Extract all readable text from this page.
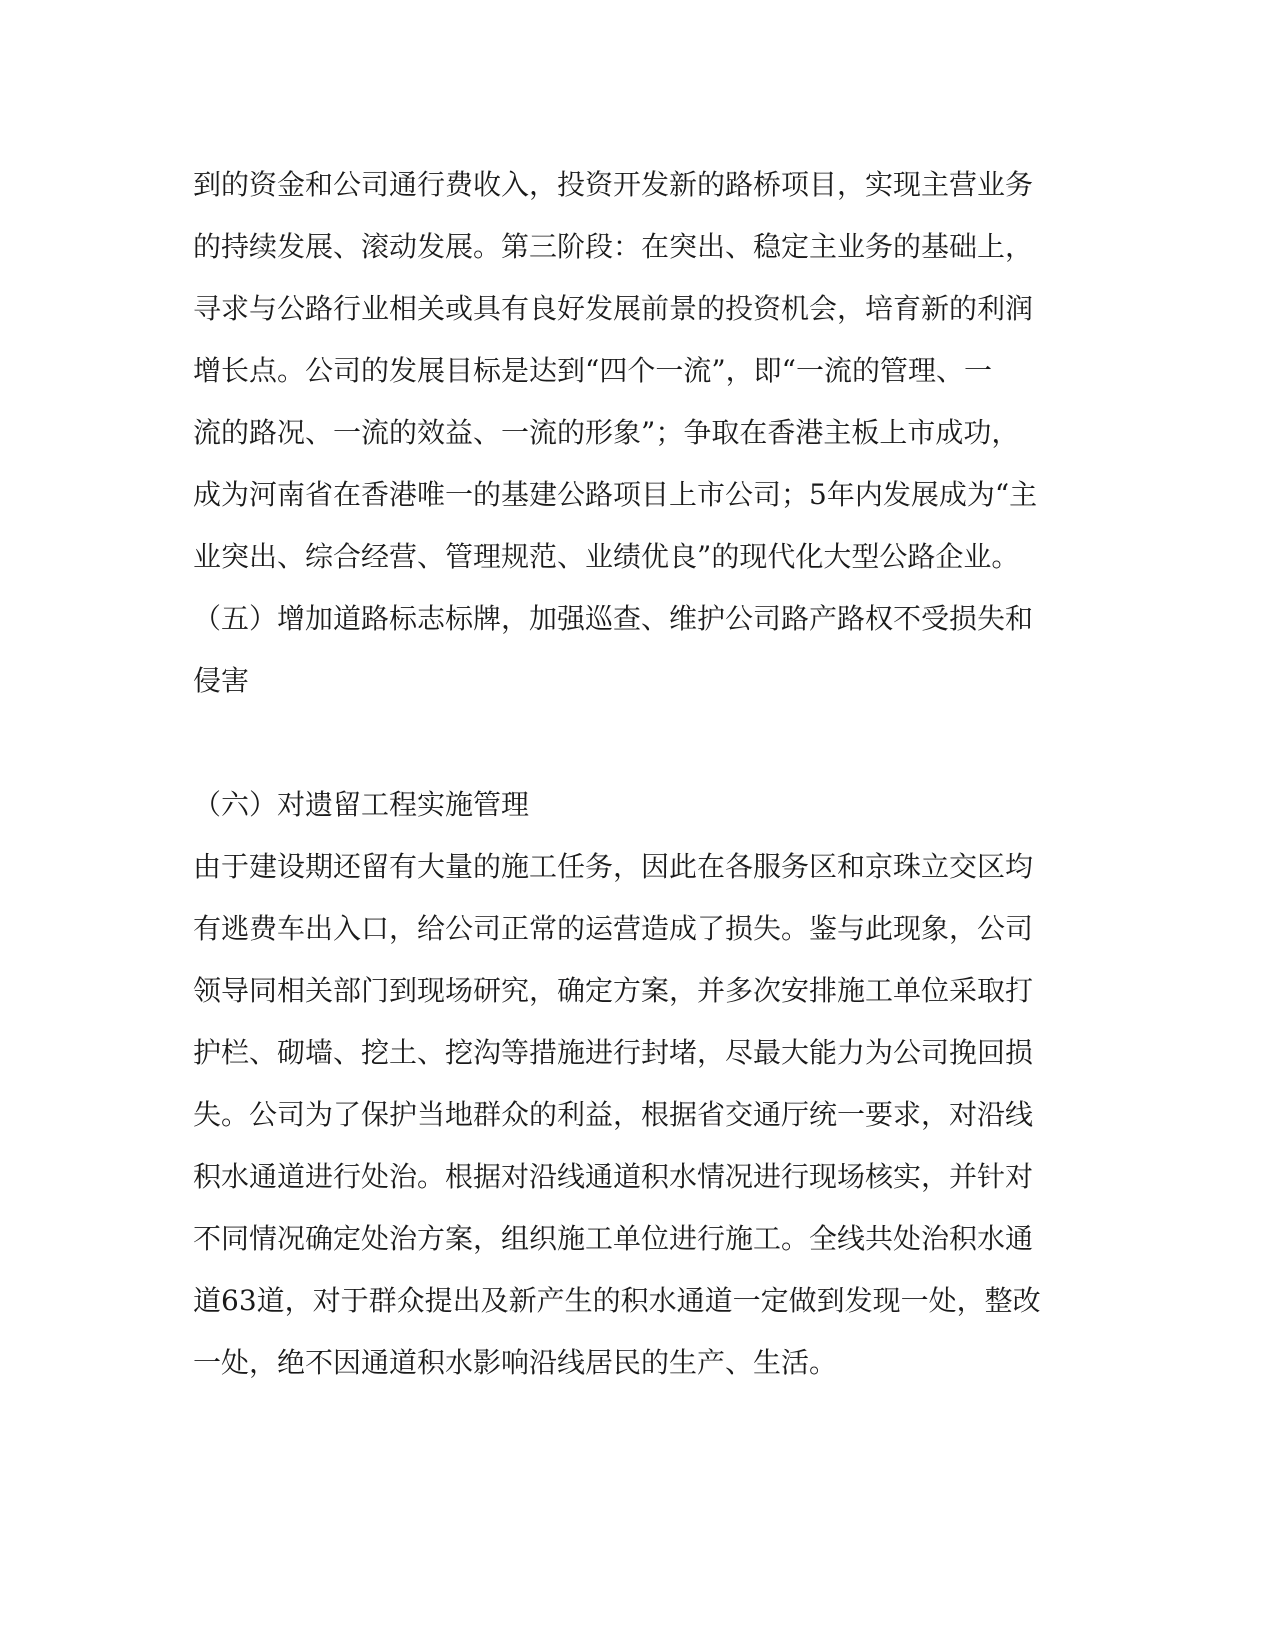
到的资金和公司通行费收入，投资开发新的路桥项目，实现主营业务
的持续发展、滚动发展。第三阶段：在突出、稳定主业务的基础上，
寻求与公路行业相关或具有良好发展前景的投资机会，培育新的利润
增长点。公司的发展目标是达到“四个一流”，即“一流的管理、一
流的路况、一流的效益、一流的形象”；争取在香港主板上市成功，
成为河南省在香港唯一的基建公路项目上市公司；5年内发展成为“主
业突出、综合经营、管理规范、业绩优良”的现代化大型公路企业。
（五）增加道路标志标牌，加强巡查、维护公司路产路权不受损失和
侵害
（六）对遗留工程实施管理
由于建设期还留有大量的施工任务，因此在各服务区和京珠立交区均
有逃费车出入口，给公司正常的运营造成了损失。鉴与此现象，公司
领导同相关部门到现场研究，确定方案，并多次安排施工单位采取打
护栏、砌墙、挖土、挖沟等措施进行封堵，尽最大能力为公司挽回损
失。公司为了保护当地群众的利益，根据省交通厅统一要求，对沿线
积水通道进行处治。根据对沿线通道积水情况进行现场核实，并针对
不同情况确定处治方案，组织施工单位进行施工。全线共处治积水通
道63道，对于群众提出及新产生的积水通道一定做到发现一处，整改
一处，绝不因通道积水影响沿线居民的生产、生活。
